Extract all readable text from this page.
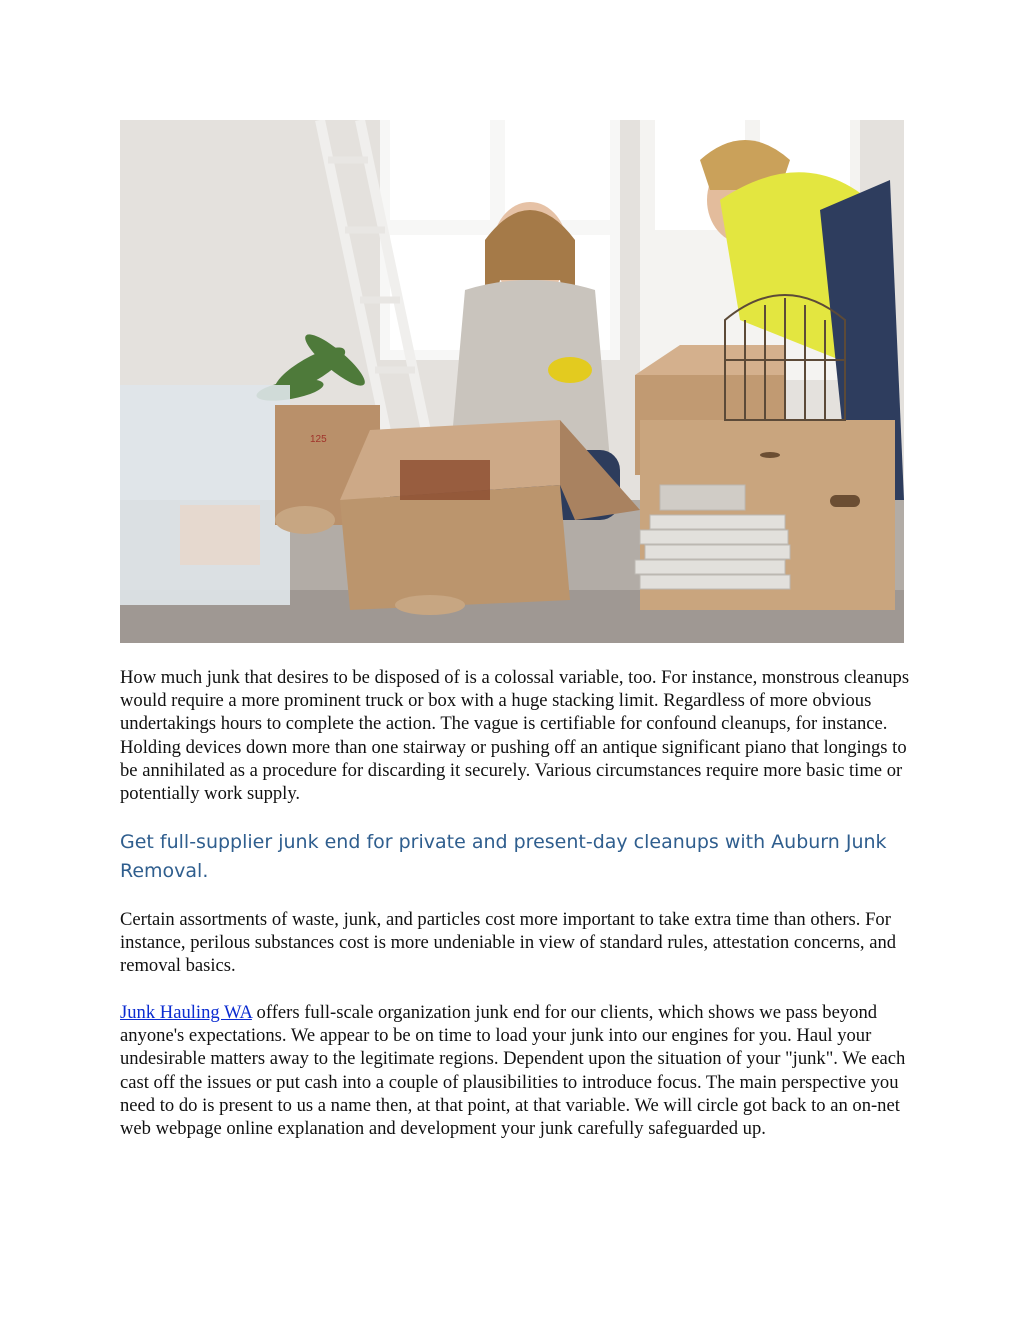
125

How much junk that desires to be disposed of is a colossal variable, too. For instance, monstrous cleanups would require a more prominent truck or box with a huge stacking limit. Regardless of more obvious undertakings hours to complete the action. The vague is certifiable for confound cleanups, for instance. Holding devices down more than one stairway or pushing off an antique significant piano that longings to be annihilated as a procedure for discarding it securely. Various circumstances require more basic time or potentially work supply.

Get full-supplier junk end for private and present-day cleanups with Auburn Junk Removal.

Certain assortments of waste, junk, and particles cost more important to take extra time than others. For instance, perilous substances cost is more undeniable in view of standard rules, attestation concerns, and removal basics.

Junk Hauling WA offers full-scale organization junk end for our clients, which shows we pass beyond anyone's expectations. We appear to be on time to load your junk into our engines for you. Haul your undesirable matters away to the legitimate regions. Dependent upon the situation of your "junk". We each cast off the issues or put cash into a couple of plausibilities to introduce focus. The main perspective you need to do is present to us a name then, at that point, at that variable. We will circle got back to an on-net web webpage online explanation and development your junk carefully safeguarded up.
